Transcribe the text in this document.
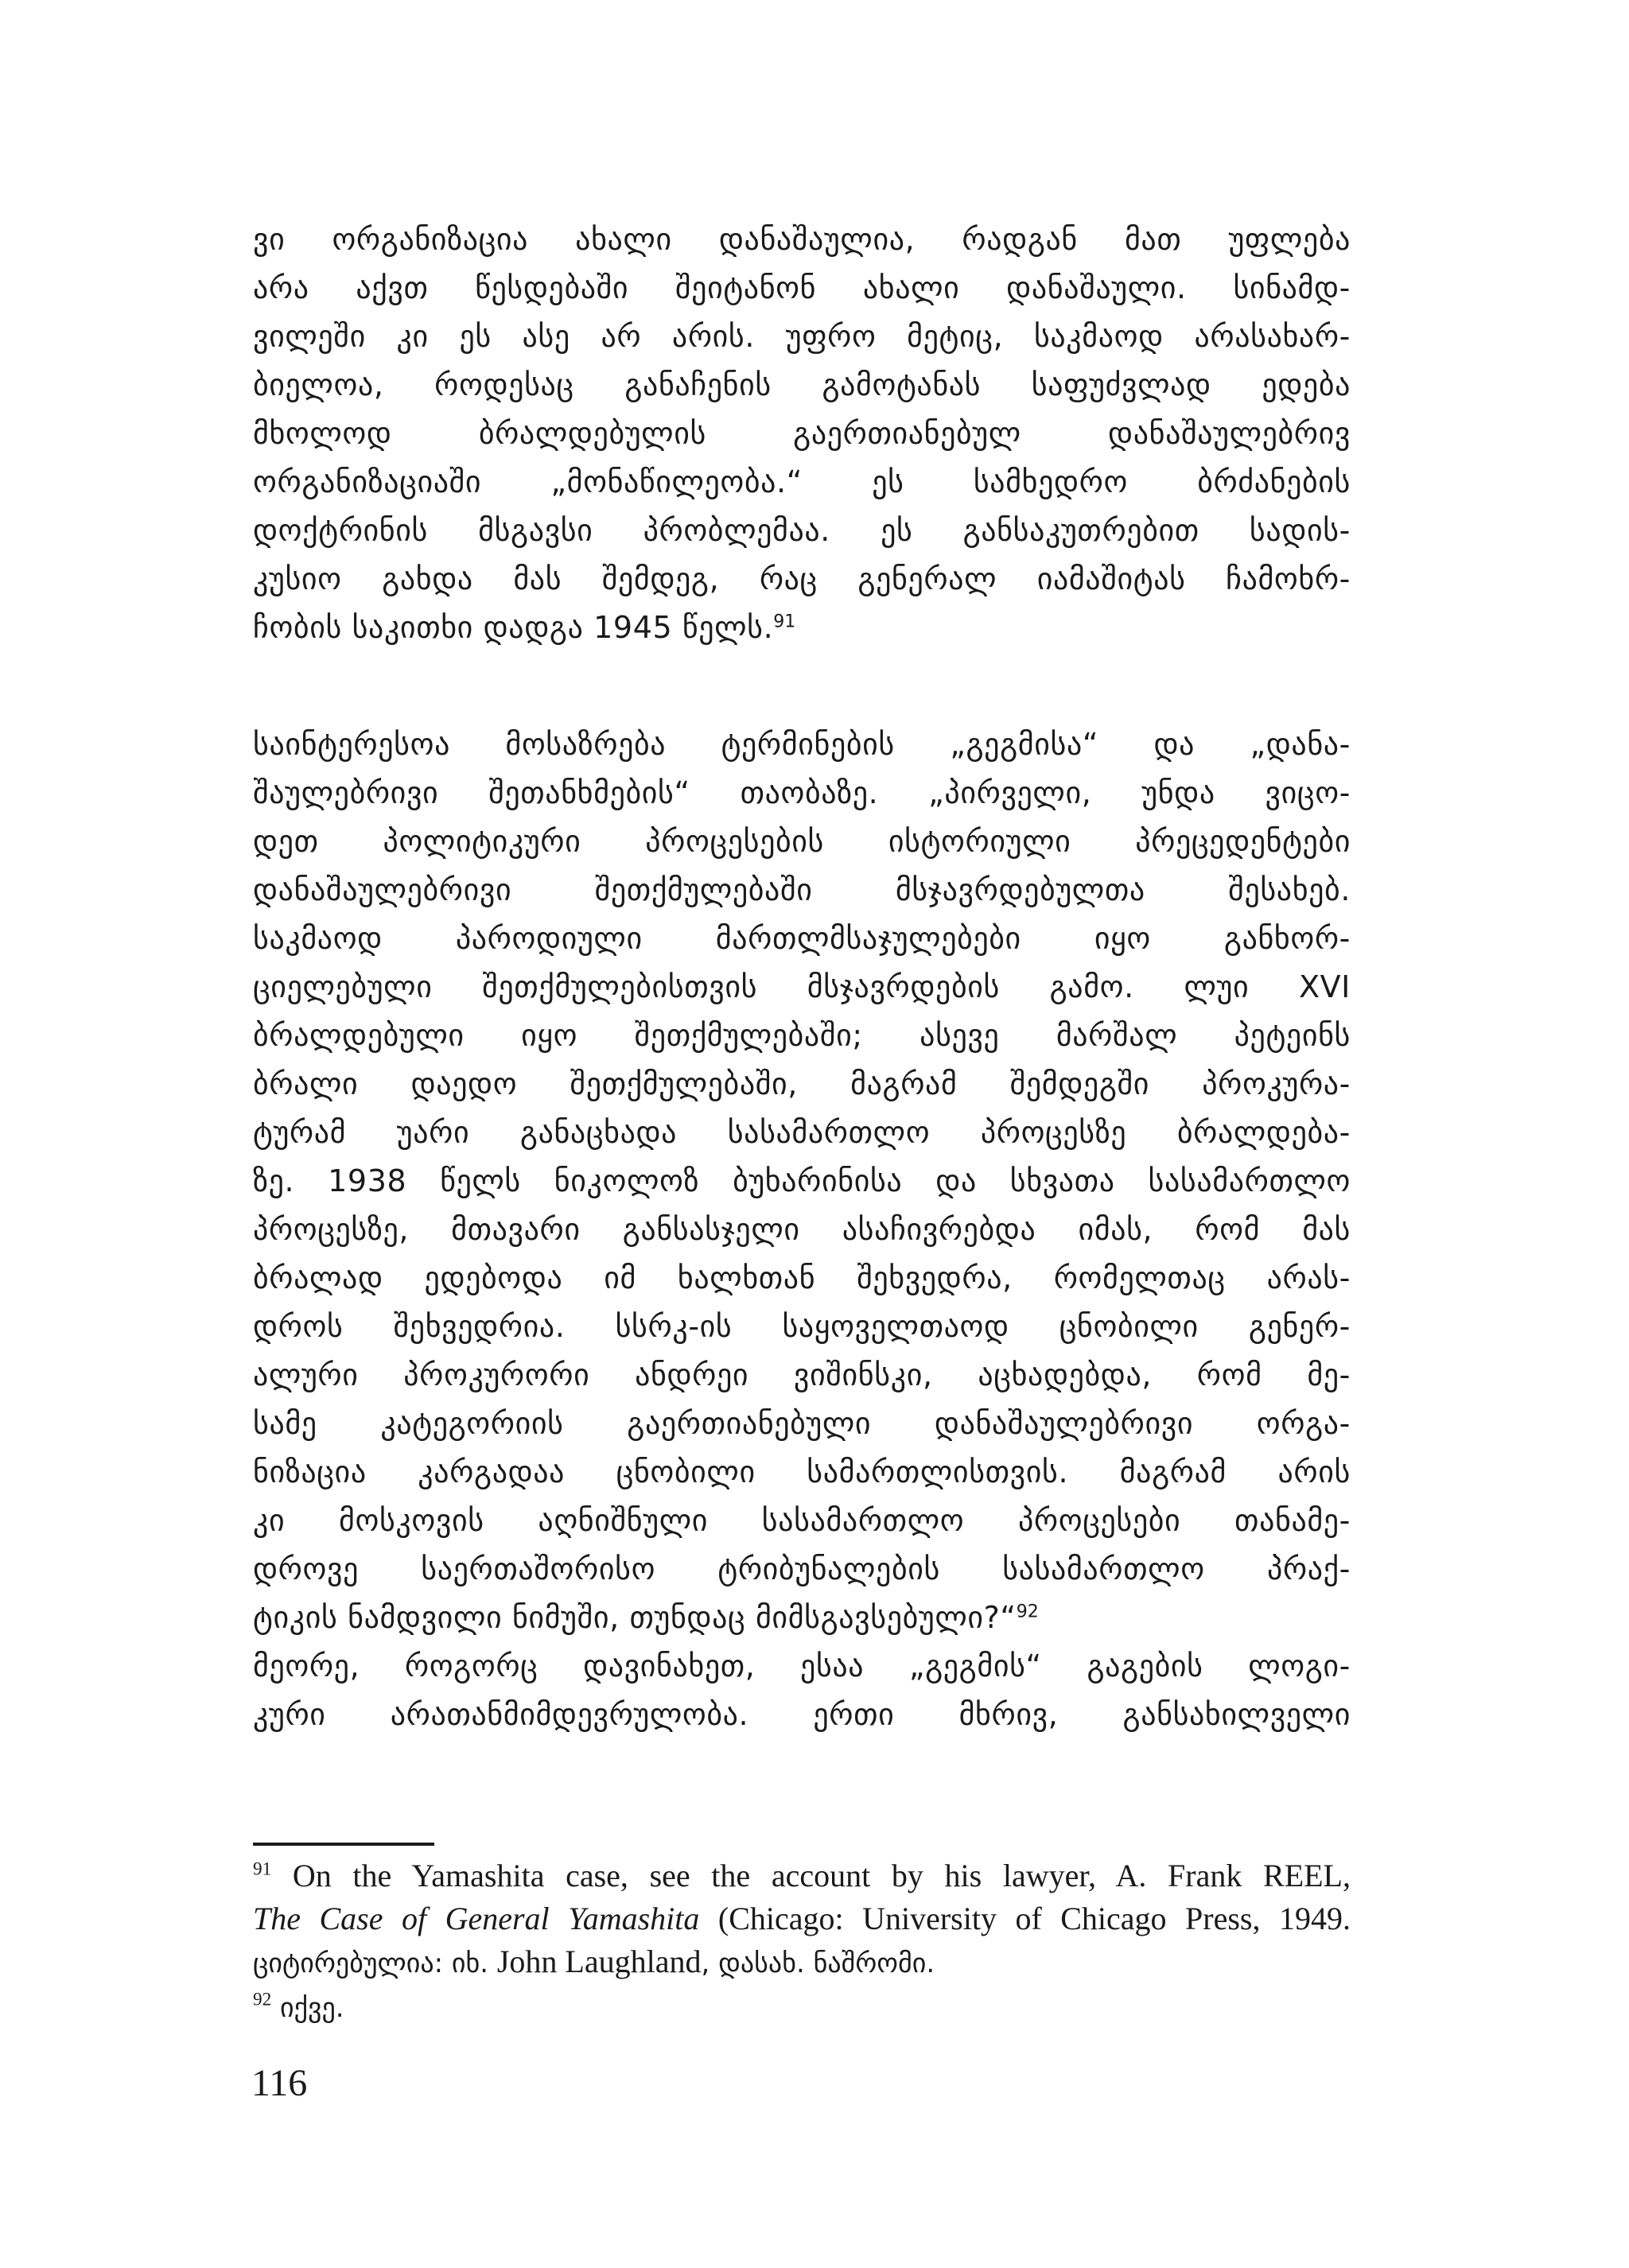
ვი ორგანიზაცია ახალი დანაშაულია, რადგან მათ უფლება
არა აქვთ წესდებაში შეიტანონ ახალი დანაშაული. სინამდ-
ვილეში კი ეს ასე არ არის. უფრო მეტიც, საკმაოდ არასახარ-
ბიელოა, როდესაც განაჩენის გამოტანას საფუძვლად ედება
მხოლოდ ბრალდებულის გაერთიანებულ დანაშაულებრივ
ორგანიზაციაში „მონაწილეობა.“ ეს სამხედრო ბრძანების
დოქტრინის მსგავსი პრობლემაა. ეს განსაკუთრებით სადის-
კუსიო გახდა მას შემდეგ, რაც გენერალ იამაშიტას ჩამოხრ-
ჩობის საკითხი დადგა 1945 წელს.$^{91}$
საინტერესოა მოსაზრება ტერმინების „გეგმისა“ და „დანა-
შაულებრივი შეთანხმების“ თაობაზე. „პირველი, უნდა ვიცო-
დეთ პოლიტიკური პროცესების ისტორიული პრეცედენტები
დანაშაულებრივი შეთქმულებაში მსჯავრდებულთა შესახებ.
საკმაოდ პაროდიული მართლმსაჯულებები იყო განხორ-
ციელებული შეთქმულებისთვის მსჯავრდების გამო. ლუი XVI
ბრალდებული იყო შეთქმულებაში; ასევე მარშალ პეტეინს
ბრალი დაედო შეთქმულებაში, მაგრამ შემდეგში პროკურა-
ტურამ უარი განაცხადა სასამართლო პროცესზე ბრალდება-
ზე. 1938 წელს ნიკოლოზ ბუხარინისა და სხვათა სასამართლო
პროცესზე, მთავარი განსასჯელი ასაჩივრებდა იმას, რომ მას
ბრალად ედებოდა იმ ხალხთან შეხვედრა, რომელთაც არას-
დროს შეხვედრია. სსრკ-ის საყოველთაოდ ცნობილი გენერ-
ალური პროკურორი ანდრეი ვიშინსკი, აცხადებდა, რომ მე-
სამე კატეგორიის გაერთიანებული დანაშაულებრივი ორგა-
ნიზაცია კარგადაა ცნობილი სამართლისთვის. მაგრამ არის
კი მოსკოვის აღნიშნული სასამართლო პროცესები თანამე-
დროვე საერთაშორისო ტრიბუნალების სასამართლო პრაქ-
ტიკის ნამდვილი ნიმუში, თუნდაც მიმსგავსებული?“$^{92}$
მეორე, როგორც დავინახეთ, ესაა „გეგმის“ გაგების ლოგი-
კური არათანმიმდევრულობა. ერთი მხრივ, განსახილველი
$^{91}$ On the Yamashita case, see the account by his lawyer, A. Frank REEL,
The Case of General Yamashita (Chicago: University of Chicago Press, 1949.
ციტირებულია: იხ. John Laughland, დასახ. ნაშრომი.
$^{92}$ იქვე.
116
